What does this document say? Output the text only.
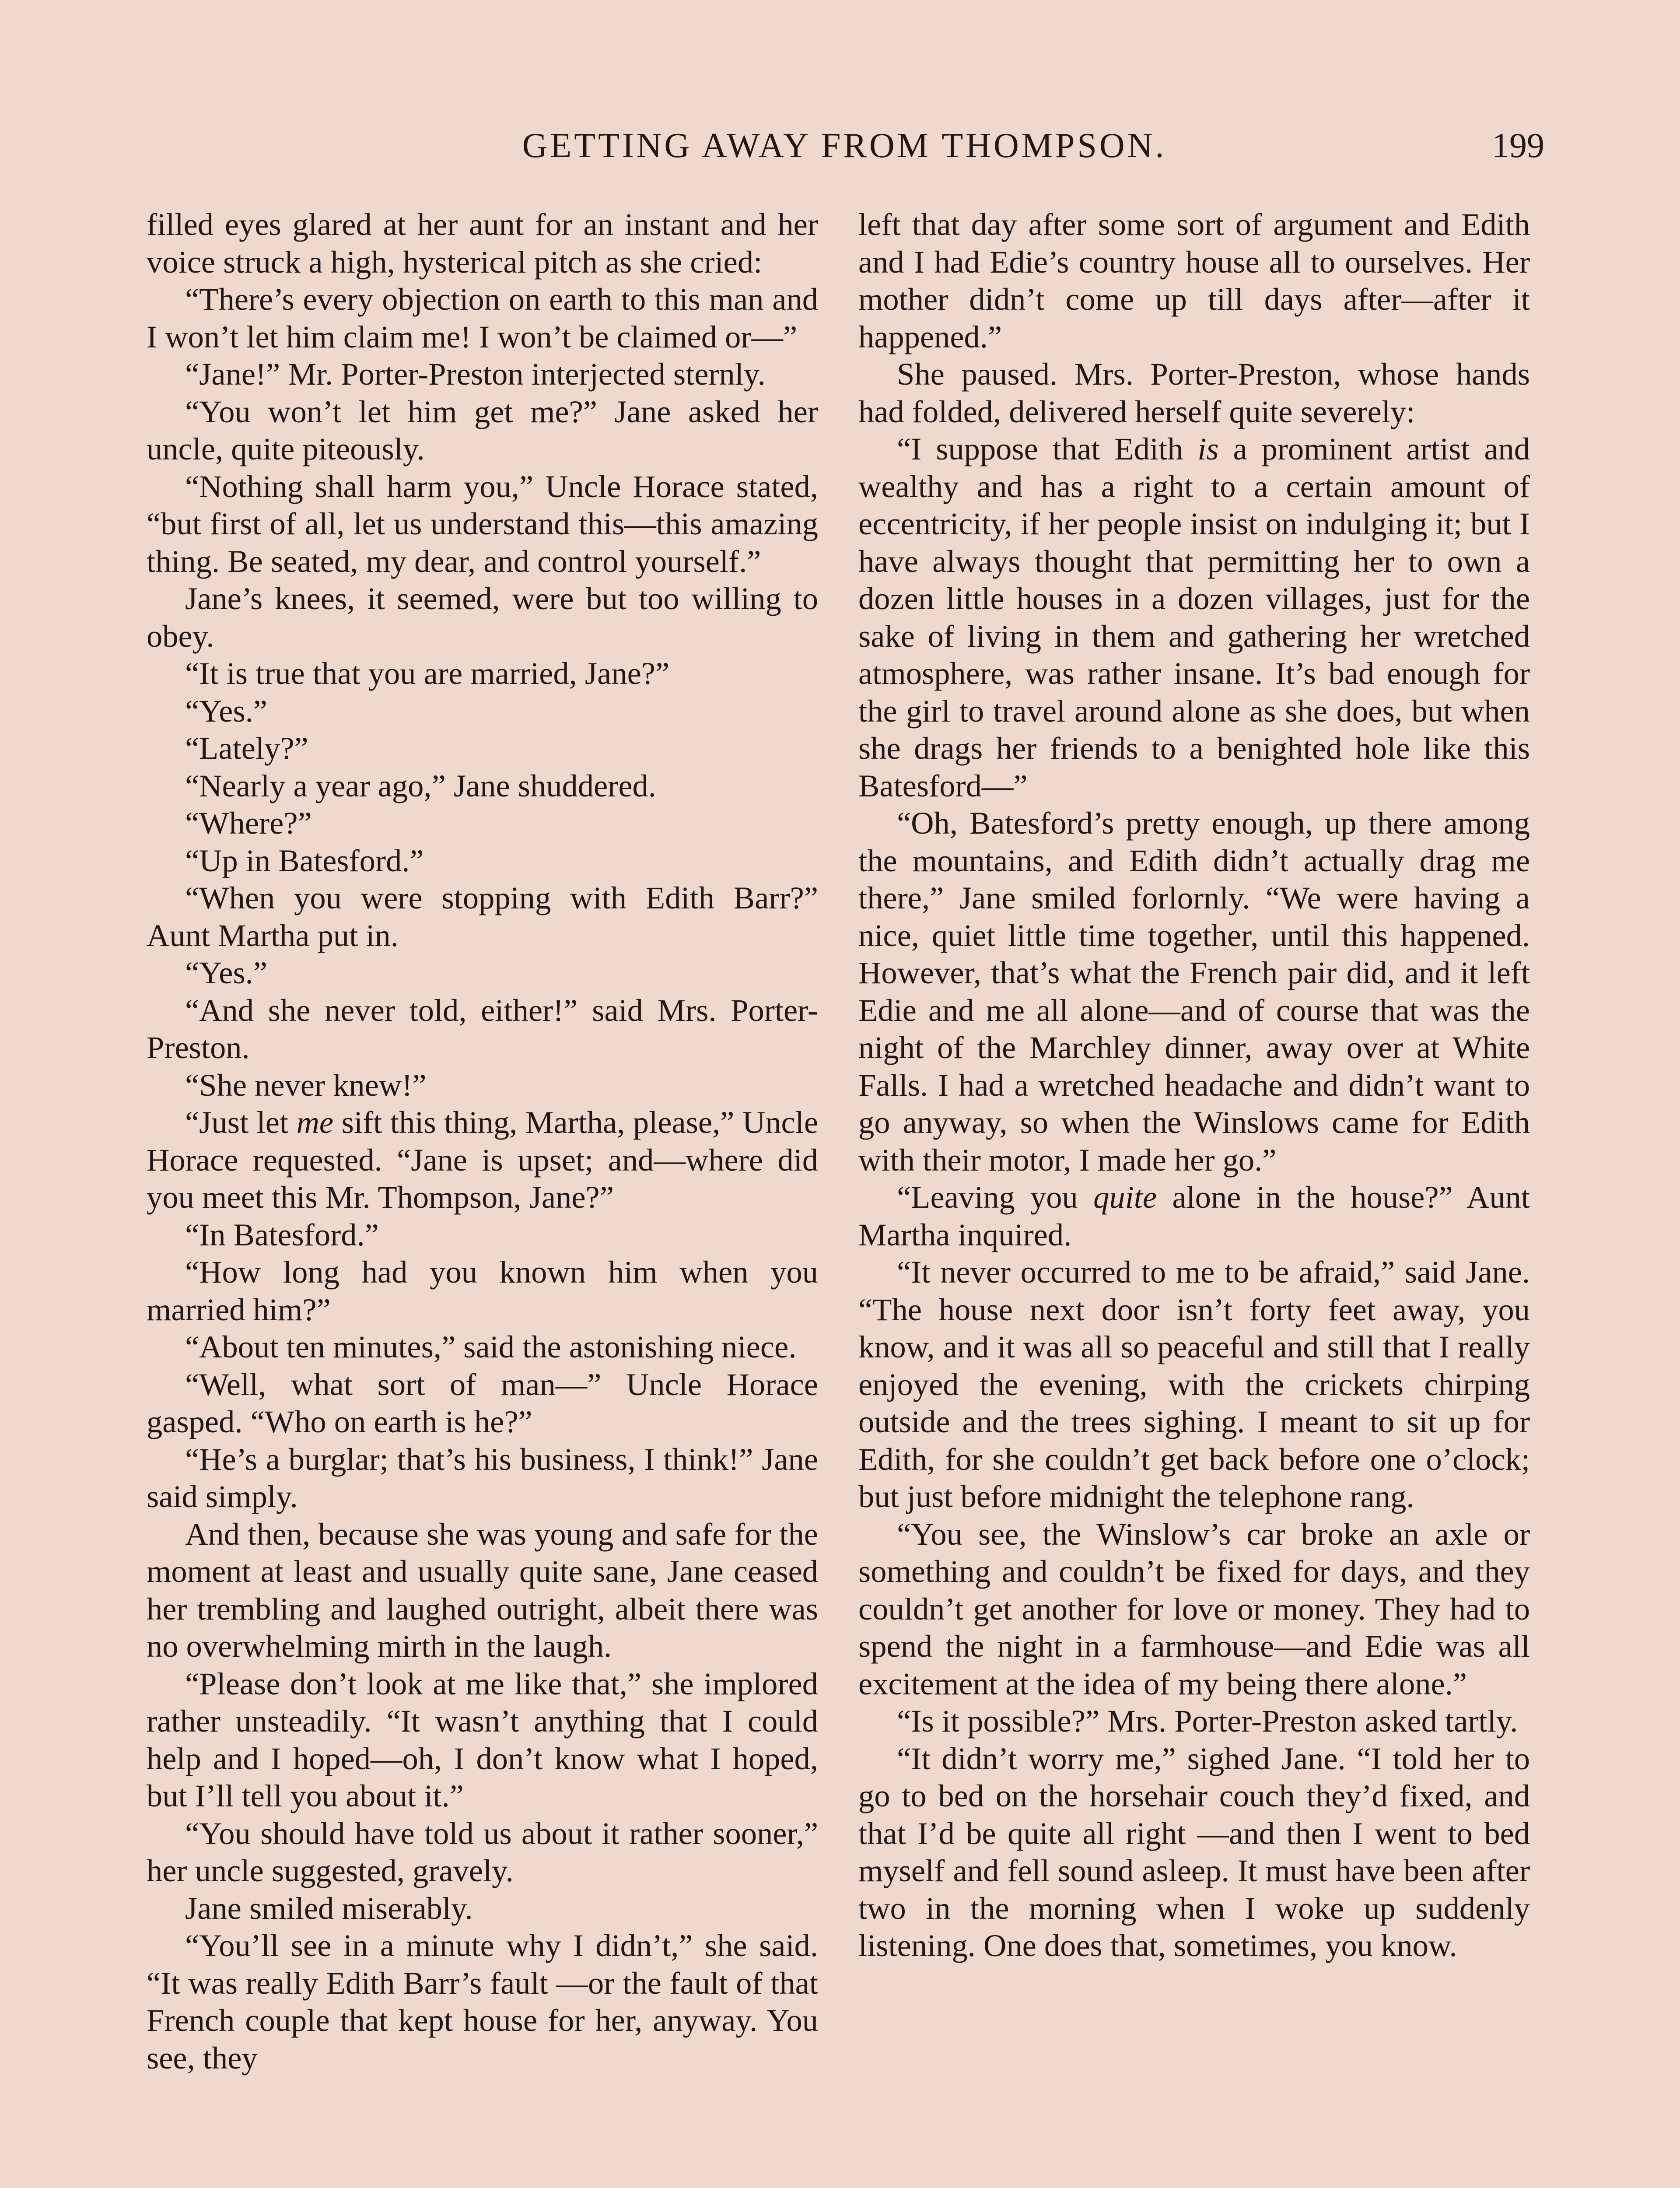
GETTING AWAY FROM THOMPSON.	199

filled eyes glared at her aunt for an instant and her voice struck a high, hysterical pitch as she cried:

“There’s every objection on earth to this man and I won’t let him claim me! I won’t be claimed or—”

“Jane!” Mr. Porter-Preston interjected sternly.

“You won’t let him get me?” Jane asked her uncle, quite piteously.

“Nothing shall harm you,” Uncle Horace stated, “but first of all, let us understand this—this amazing thing. Be seated, my dear, and control yourself.”

Jane’s knees, it seemed, were but too willing to obey.

“It is true that you are married, Jane?”

“Yes.”

“Lately?”

“Nearly a year ago,” Jane shuddered.

“Where?”

“Up in Batesford.”

“When you were stopping with Edith Barr?” Aunt Martha put in.

“Yes.”

“And she never told, either!” said Mrs. Porter-Preston.

“She never knew!”

“Just let me sift this thing, Martha, please,” Uncle Horace requested. “Jane is upset; and—where did you meet this Mr. Thompson, Jane?”

“In Batesford.”

“How long had you known him when you married him?”

“About ten minutes,” said the astonishing niece.

“Well, what sort of man—” Uncle Horace gasped. “Who on earth is he?”

“He’s a burglar; that’s his business, I think!” Jane said simply.

And then, because she was young and safe for the moment at least and usually quite sane, Jane ceased her trembling and laughed outright, albeit there was no overwhelming mirth in the laugh.

“Please don’t look at me like that,” she implored rather unsteadily. “It wasn’t anything that I could help and I hoped—oh, I don’t know what I hoped, but I’ll tell you about it.”

“You should have told us about it rather sooner,” her uncle suggested, gravely.

Jane smiled miserably.

“You’ll see in a minute why I didn’t,” she said. “It was really Edith Barr’s fault —or the fault of that French couple that kept house for her, anyway. You see, they

left that day after some sort of argument and Edith and I had Edie’s country house all to ourselves. Her mother didn’t come up till days after—after it happened.”

She paused. Mrs. Porter-Preston, whose hands had folded, delivered herself quite severely:

“I suppose that Edith is a prominent artist and wealthy and has a right to a certain amount of eccentricity, if her people insist on indulging it; but I have always thought that permitting her to own a dozen little houses in a dozen villages, just for the sake of living in them and gathering her wretched atmosphere, was rather insane. It’s bad enough for the girl to travel around alone as she does, but when she drags her friends to a benighted hole like this Batesford—”

“Oh, Batesford’s pretty enough, up there among the mountains, and Edith didn’t actually drag me there,” Jane smiled forlornly. “We were having a nice, quiet little time together, until this happened. However, that’s what the French pair did, and it left Edie and me all alone—and of course that was the night of the Marchley dinner, away over at White Falls. I had a wretched headache and didn’t want to go anyway, so when the Winslows came for Edith with their motor, I made her go.”

“Leaving you quite alone in the house?” Aunt Martha inquired.

“It never occurred to me to be afraid,” said Jane. “The house next door isn’t forty feet away, you know, and it was all so peaceful and still that I really enjoyed the evening, with the crickets chirping outside and the trees sighing. I meant to sit up for Edith, for she couldn’t get back before one o’clock; but just before midnight the telephone rang.

“You see, the Winslow’s car broke an axle or something and couldn’t be fixed for days, and they couldn’t get another for love or money. They had to spend the night in a farmhouse—and Edie was all excitement at the idea of my being there alone.”

“Is it possible?” Mrs. Porter-Preston asked tartly.

“It didn’t worry me,” sighed Jane. “I told her to go to bed on the horsehair couch they’d fixed, and that I’d be quite all right —and then I went to bed myself and fell sound asleep. It must have been after two in the morning when I woke up suddenly listening. One does that, sometimes, you know.
